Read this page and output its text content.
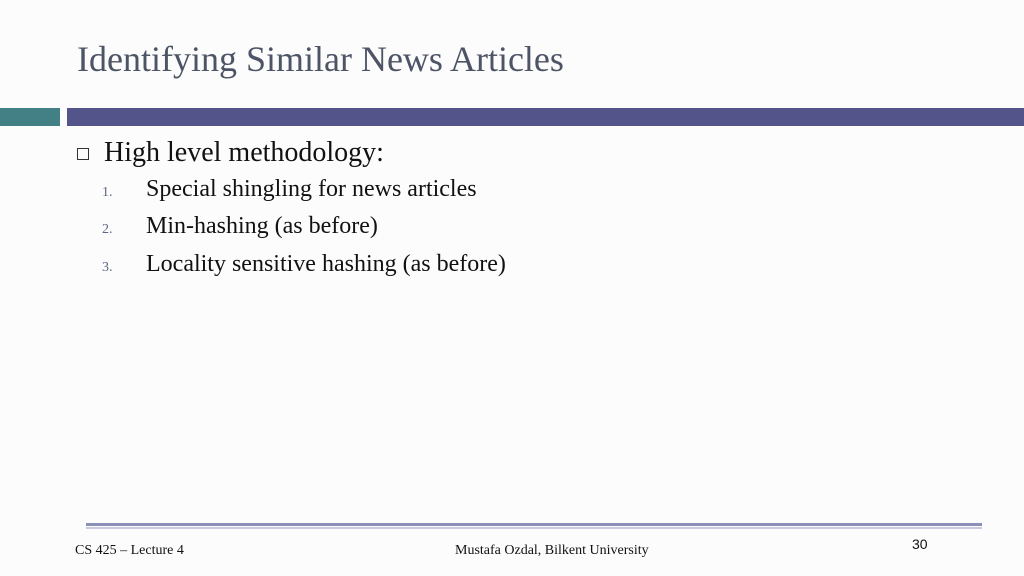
Identifying Similar News Articles
High level methodology:
1.	Special shingling for news articles
2.	Min-hashing (as before)
3.	Locality sensitive hashing (as before)
CS 425 – Lecture 4	Mustafa Ozdal, Bilkent University	30
